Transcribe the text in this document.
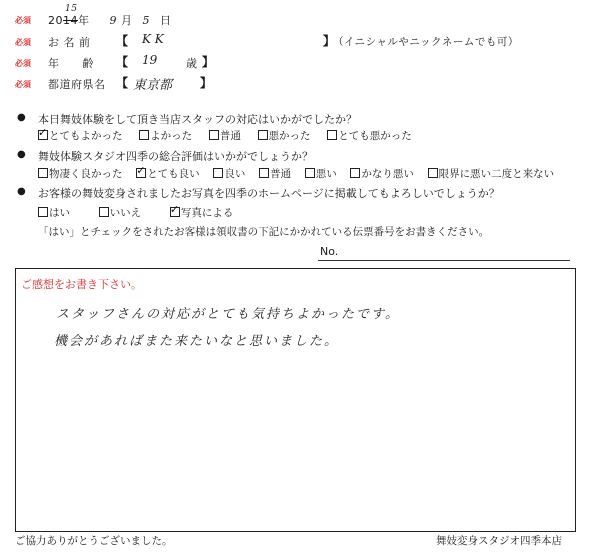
必須 2014
15
年 9 月 5 日
必須 お 名 前 【 K K	】
（イニシャルやニックネームでも可）
必須 年　　齢 【 19	歳 】
必須 都道府県名 【 東京都 】
● 本日舞妓体験をして頂き当店スタッフの対応はいかがでしたか？
✓ とてもよかった	よかった	普通	悪かった	とても悪かった
● 舞妓体験スタジオ四季の総合評価はいかがでしょうか？
物凄く良かった ✓ とても良い 良い 普通 悪い かなり悪い 限界に悪い二度と来ない
● お客様の舞妓変身されましたお写真を四季のホームページに掲載してもよろしいでしょうか？
はい	いいえ	✓ 写真による
「はい」とチェックをされたお客様は領収書の下記にかかれている伝票番号をお書きください。
No.
ご感想をお書き下さい。
スタッフさんの対応がとても気持ちよかったです。
機会があればまた来たいなと思いました。
ご協力ありがとうございました。	舞妓変身スタジオ四季本店
